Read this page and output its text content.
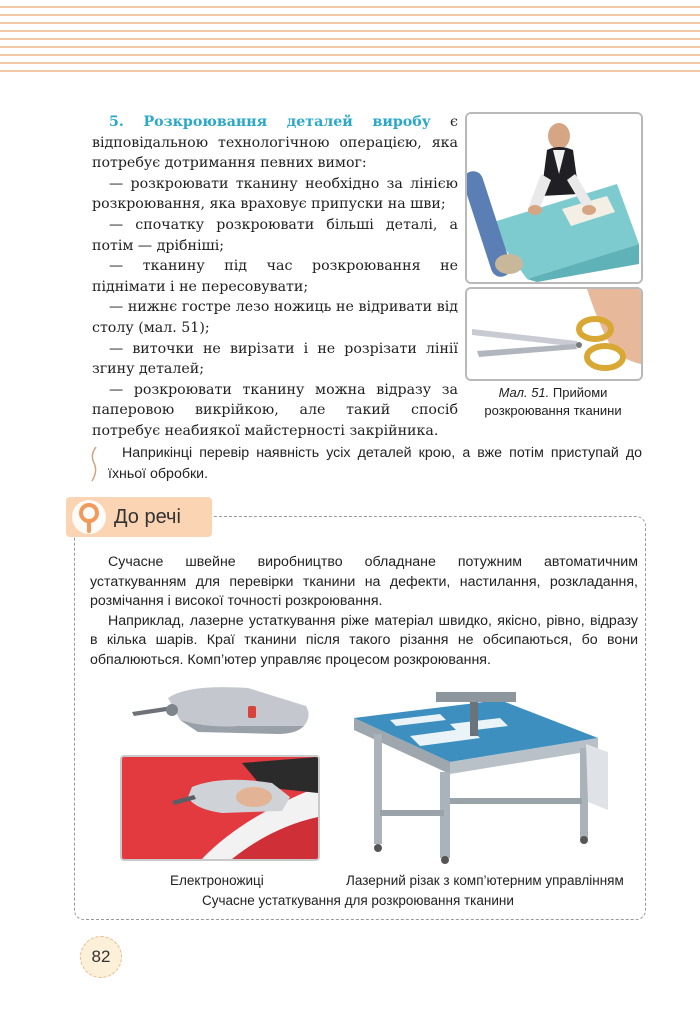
5. Розкроювання деталей виробу є відповідальною технологічною операцією, яка потребує дотримання певних вимог:

— розкроювати тканину необхідно за лінією розкроювання, яка враховує припуски на шви;

— спочатку розкроювати більші деталі, а потім — дрібніші;

— тканину під час розкроювання не піднімати і не пересовувати;

— нижнє гостре лезо ножиць не відривати від столу (мал. 51);

— виточки не вирізати і не розрізати лінії згину деталей;

— розкроювати тканину можна відразу за паперовою викрійкою, але такий спосіб потребує неабиякої майстерності закрійника.

Мал. 51. Прийоми розкроювання тканини

Наприкінці перевір наявність усіх деталей крою, а вже потім приступай до їхньої обробки.

До речі

Сучасне швейне виробництво обладнане потужним автоматичним устаткуванням для перевірки тканини на дефекти, настилання, розкладання, розмічання і високої точності розкроювання.

Наприклад, лазерне устаткування ріже матеріал швидко, якісно, рівно, відразу в кілька шарів. Краї тканини після такого різання не обсипаються, бо вони обпалюються. Комп’ютер управляє процесом розкроювання.

Електроножиці	Лазерний різак з комп’ютерним управлінням
Сучасне устаткування для розкроювання тканини
82
